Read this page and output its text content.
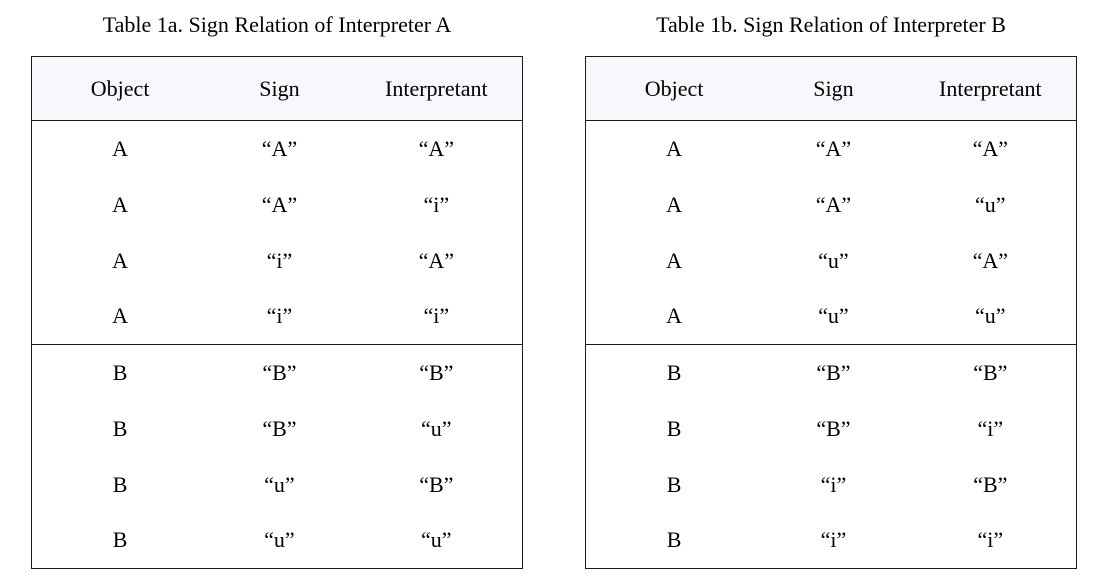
Table 1a. Sign Relation of Interpreter A
Object	Sign	Interpretant
A	“A”	“A”
A	“A”	“i”
A	“i”	“A”
A	“i”	“i”
B	“B”	“B”
B	“B”	“u”
B	“u”	“B”
B	“u”	“u”
Table 1b. Sign Relation of Interpreter B
Object	Sign	Interpretant
A	“A”	“A”
A	“A”	“u”
A	“u”	“A”
A	“u”	“u”
B	“B”	“B”
B	“B”	“i”
B	“i”	“B”
B	“i”	“i”
